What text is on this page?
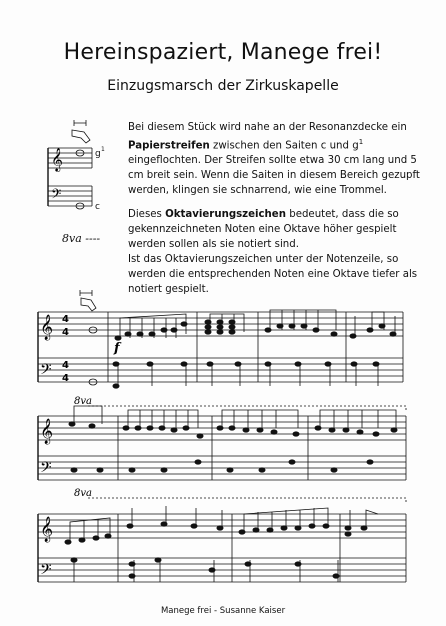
Hereinspaziert, Manege frei!
Einzugsmarsch der Zirkuskapelle
Bei diesem Stück wird nahe an der Resonanzdecke ein Papierstreifen zwischen den Saiten c und $g^1$ eingeflochten. Der Streifen sollte etwa 30 cm lang und 5 cm breit sein. Wenn die Saiten in diesem Bereich gezupft werden, klingen sie schnarrend, wie eine Trommel.
Dieses Oktavierungszeichen bedeutet, dass die so gekennzeichneten Noten eine Oktave höher gespielt werden sollen als sie notiert sind.
Ist das Oktavierungszeichen unter der Notenzeile, so werden die entsprechenden Noten eine Oktave tiefer als notiert gespielt.
8va ----
𝄞
𝄢
g 1
c
𝄞
𝄢
4
4
4
4
f
8va
𝄞
𝄢
8va
𝄞
𝄢
Manege frei - Susanne Kaiser
